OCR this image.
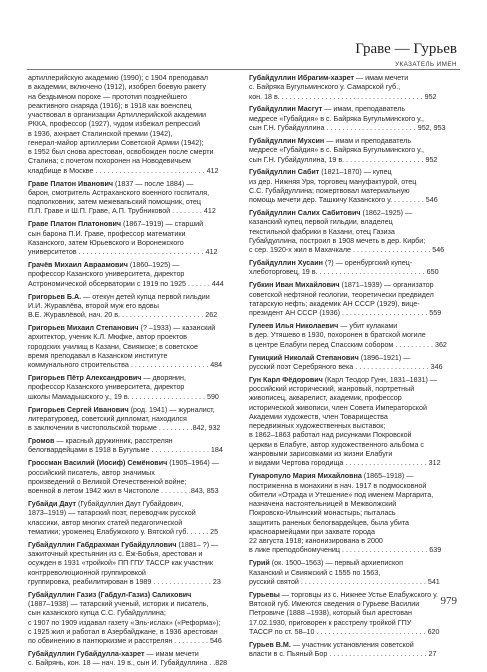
Граве — Гурьев
УКАЗАТЕЛЬ ИМЕН
артиллерийскую академию (1990); с 1904 преподавал
в академии, включено (1912), изобрел боевую ракету
на бездымном порохе — прототип позднейшего
реактивного снаряда (1916); в 1918 как военспец
участвовал в организации Артиллерийской академии
РККА, профессор (1927), чудом избежал репрессий
в 1936, ахнрает Сталинской премии (1942),
генерал-майор артиллерии Советской Армии (1942);
в 1952 был снова арестован, освобожден после смерти
Сталина; с почетом похоронен на Новодевичьем
кладбище в Москве . . . . . . . . . . . . . . . . . . . . . . . . . . . . 412
Граве Платон Иванович (1837 — после 1884) —
барон, смотритель Астраханского военного госпиталя,
подполковник, затем межевапьский помощник, отец
П.П. Граве и Ш.П. Граве, А.П. Трубниковой . . . . . . . . 412
Граве Платон Платонович (1867–1919) — старший
сын барона П.И. Граве, профессор математики
Казанского, затем Юрьевского и Воронежского
университетов . . . . . . . . . . . . . . . . . . . . . . . . . . . . . . . . 412
Грачёв Михаил Авраамович (1860–1925) —
профессор Казанского университета, директор
Астрономической обсерватории с 1919 по 1925 . . . . . . 444
Григорьев Б.А. — отекун детей купца первой гильдии
И.И. Журавлёва, второй муж его вдовы
В.Е. Журавлёвой, нач. 20 в. . . . . . . . . . . . . . . . . . . . . . 262
Григорьев Михаил Степанович (? –1933) — казанский
архитектор, ученик К.Л. Мюфке, автор проектов
городских училищ в Казани, Свияжске; в советское
время преподавал в Казанском институте
коммунального строительства . . . . . . . . . . . . . . . . . . . . 484
Григорьев Пётр Александрович — дворянин,
профессор Казанского университета, директор
школы Мамадышского у., 19 в. . . . . . . . . . . . . . . . . . . . 590
Григорьев Сергей Иванович (род. 1941) — журналист,
литературовед, советский дипломат, находился
в заключении в чистопольской тюрьме . . . . . . . . .842, 932
Громов — красный дружинник, расстрелян
белогвардейцами в 1918 в Бугульме . . . . . . . . . . . . . . . 184
Гроссман Василий (Иосиф) Семёнович (1905–1964) —
российский писатель, автор значимых
произведений о Великой Отечественной войне;
военной в летом 1942 жил в Чистополе . . . . . . . .843, 853
Губайди Даут (Губайдуллин Даут Губайдович,
1873–1919) — татарский поэт, переводчик русской
классики, автор многих статей педагогической
тематики; уроженец Елабужского у. Вятской губ. . . . . . 25
Губайдуллин Габдрахман Губайдуллович (1881– ?) —
зажиточный крестьянин из с. Ёж-Бобья, арестован и
осужден в 1931 «тройкой» ПП ГПУ ТАССР как участник
контрреволюционной группировкой
группировка, реабилитирован в 1989 . . . . . . . . . . . . . . . 23
Губайдуллин Газиз (Габдул-Газиз) Салихович
(1887–1938) — татарский ученый, историк и писатель,
сын казанского купца С.С. Губайдуллина;
с 1907 по 1909 издавал газету «Эль-ислах» («Реформа»);
с 1925 жил и работал в Азербайджане, в 1936 арестован
по обвинению в пантюркизме и расстрелян . . . . . . . . . 546
Губайдуллин Губайдулла-хазрет — имам мечети
с. Байрянь, кон. 18 — нач. 19 в., сын И. Губайдуллина . .828
Губайдуллин Ибрагим-хазрет — имам мечети
с. Байряка Бугульминского у. Самарской губ.,
кон. 18 в. . . . . . . . . . . . . . . . . . . . . . . . . . . . . . . . . . . . . 952
Губайдуллин Масгут — имам, преподаватель
медресе «Губайдия» в с. Байряка Бугульминского у.,
сын Г.Н. Губайдуллина . . . . . . . . . . . . . . . . . . . . . . . 952, 953
Губайдуллин Мухсин — имам и преподаватель
медресе «Губайдия» в с. Байряка Бугульминского у.,
сын Г.Н. Губайдуллина, 19 в. . . . . . . . . . . . . . . . . . . . . 952
Губайдуллин Сабит (1821–1870) — купец
из дер. Нижняя Уря, торговец мануфактурой, отец
С.С. Губайдуллина; пожертвовал материальную
помощь мечети дер. Ташкичу Казанского у. . . . . . . . . 546
Губайдуллин Салих Сабитович (1862–1925) —
казанский купец первой гильдии, владелец
текстильной фабрики в Казани, отец Газиза
Губайдуллина, построил в 1908 мечеть в дер. Кирби;
с сер. 1920-х жил в Махачкале . . . . . . . . . . . . . . . . . . . . 546
Губайдуллин Хусаин (?) — оренбургский купец-
хлеботорговец, 19 в. . . . . . . . . . . . . . . . . . . . . . . . . . . . 650
Губкин Иван Михайлович (1871–1939) — организатор
советской нефтяной геологии, теоретически предвидел
татарскую нефть; академик АН СССР (1929), вице-
президент АН СССР (1936) . . . . . . . . . . . . . . . . . . . . . . 559
Гулеев Илья Николаевич — убит кулаками
в дер. Утяшево в 1930, похоронен в братской могиле
в центре Елабуги перед Спасским собором . . . . . . . . . . 362
Гуницкий Николай Степанович (1896–1921) —
русский поэт Серебряного века . . . . . . . . . . . . . . . . . . . 346
Гун Карл Фёдорович (Карл Теодор Гунн, 1831–1831) —
российский исторический, жанровый, портретный
живописец, акварелист, академик, профессор
исторической живописи, член Совета Императорской
Академии художеств, член Товарищества
передвижных художественных выставок;
в 1862–1863 работал над рисунками Покровской
церкви в Елабуге, автор художественного альбома с
жанровыми зарисовками из жизни Елабуги
и видами Чертова городища . . . . . . . . . . . . . . . . . . . . . 312
Гунаропуло Мария Михайловна (1865–1918) —
постриженна в монахини в нач. 1917 в подмосковной
обители «Отрада и Утешение» под именем Маргарита,
назначена настоятельницей в Межволжский
Покровско-Ильинский монастырь; пыталась
защитить раненых белогвардейцев, была убита
красноармейцами при захвате города
22 августа 1918; канонизирована в 2000
в лике преподобномучениц . . . . . . . . . . . . . . . . . . . . . . 639
Гурий (ок. 1500–1563) — первый архиепископ
Казанский и Свияжский с 1555 по 1563,
русский святой . . . . . . . . . . . . . . . . . . . . . . . . . . . . . . . . 541
Гурьевы — торговцы из с. Нижнее Устье Елабужского у.
Вятской губ. Имеются сведения о Гурьеве Василии
Петровиче (1888 –1938), который был арестован
17.02.1930, приговорен к расстрелу тройкой ГПУ
ТАССР по ст. 58–10 . . . . . . . . . . . . . . . . . . . . . . . . . . . . 620
Гурьев В.М. — участник установления советской
власти в с. Пьяный Бор . . . . . . . . . . . . . . . . . . . . . . . . . 27
979
